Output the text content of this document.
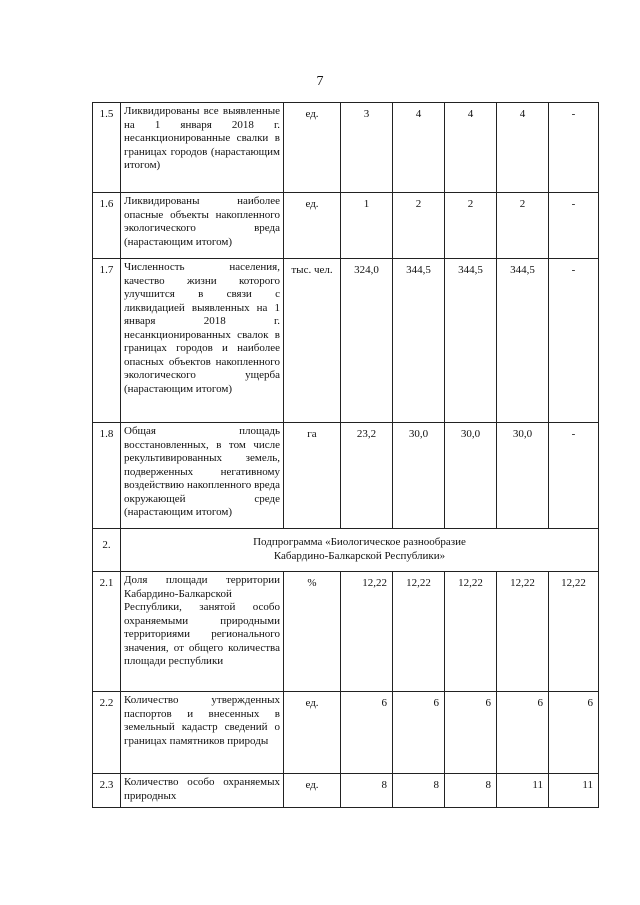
7
1.5	Ликвидированы все выявленные на 1 января 2018 г. несанкционированные свалки в границах городов (нарастающим итогом)	ед.	3	4	4	4	-
1.6	Ликвидированы наиболее опасные объекты накопленного экологического вреда (нарастающим итогом)	ед.	1	2	2	2	-
1.7	Численность населения, качество жизни которого улучшится в связи с ликвидацией выявленных на 1 января 2018 г. несанкционированных свалок в границах городов и наиболее опасных объектов накопленного экологического ущерба (нарастающим итогом)	тыс. чел.	324,0	344,5	344,5	344,5	-
1.8	Общая площадь восстановленных, в том числе рекультивированных земель, подверженных негативному воздействию накопленного вреда окружающей среде (нарастающим итогом)	га	23,2	30,0	30,0	30,0	-
2.	Подпрограмма «Биологическое разнообразие
Кабардино-Балкарской Республики»						

2.1	Доля площади территории Кабардино-Балкарской Республики, занятой особо охраняемыми природными территориями регионального значения, от общего количества площади республики	%	12,22	12,22	12,22	12,22	12,22
2.2	Количество утвержденных паспортов и внесенных в земельный кадастр сведений о границах памятников природы	ед.	6	6	6	6	6
2.3	Количество особо охраняемых природных	ед.	8	8	8	11	11
